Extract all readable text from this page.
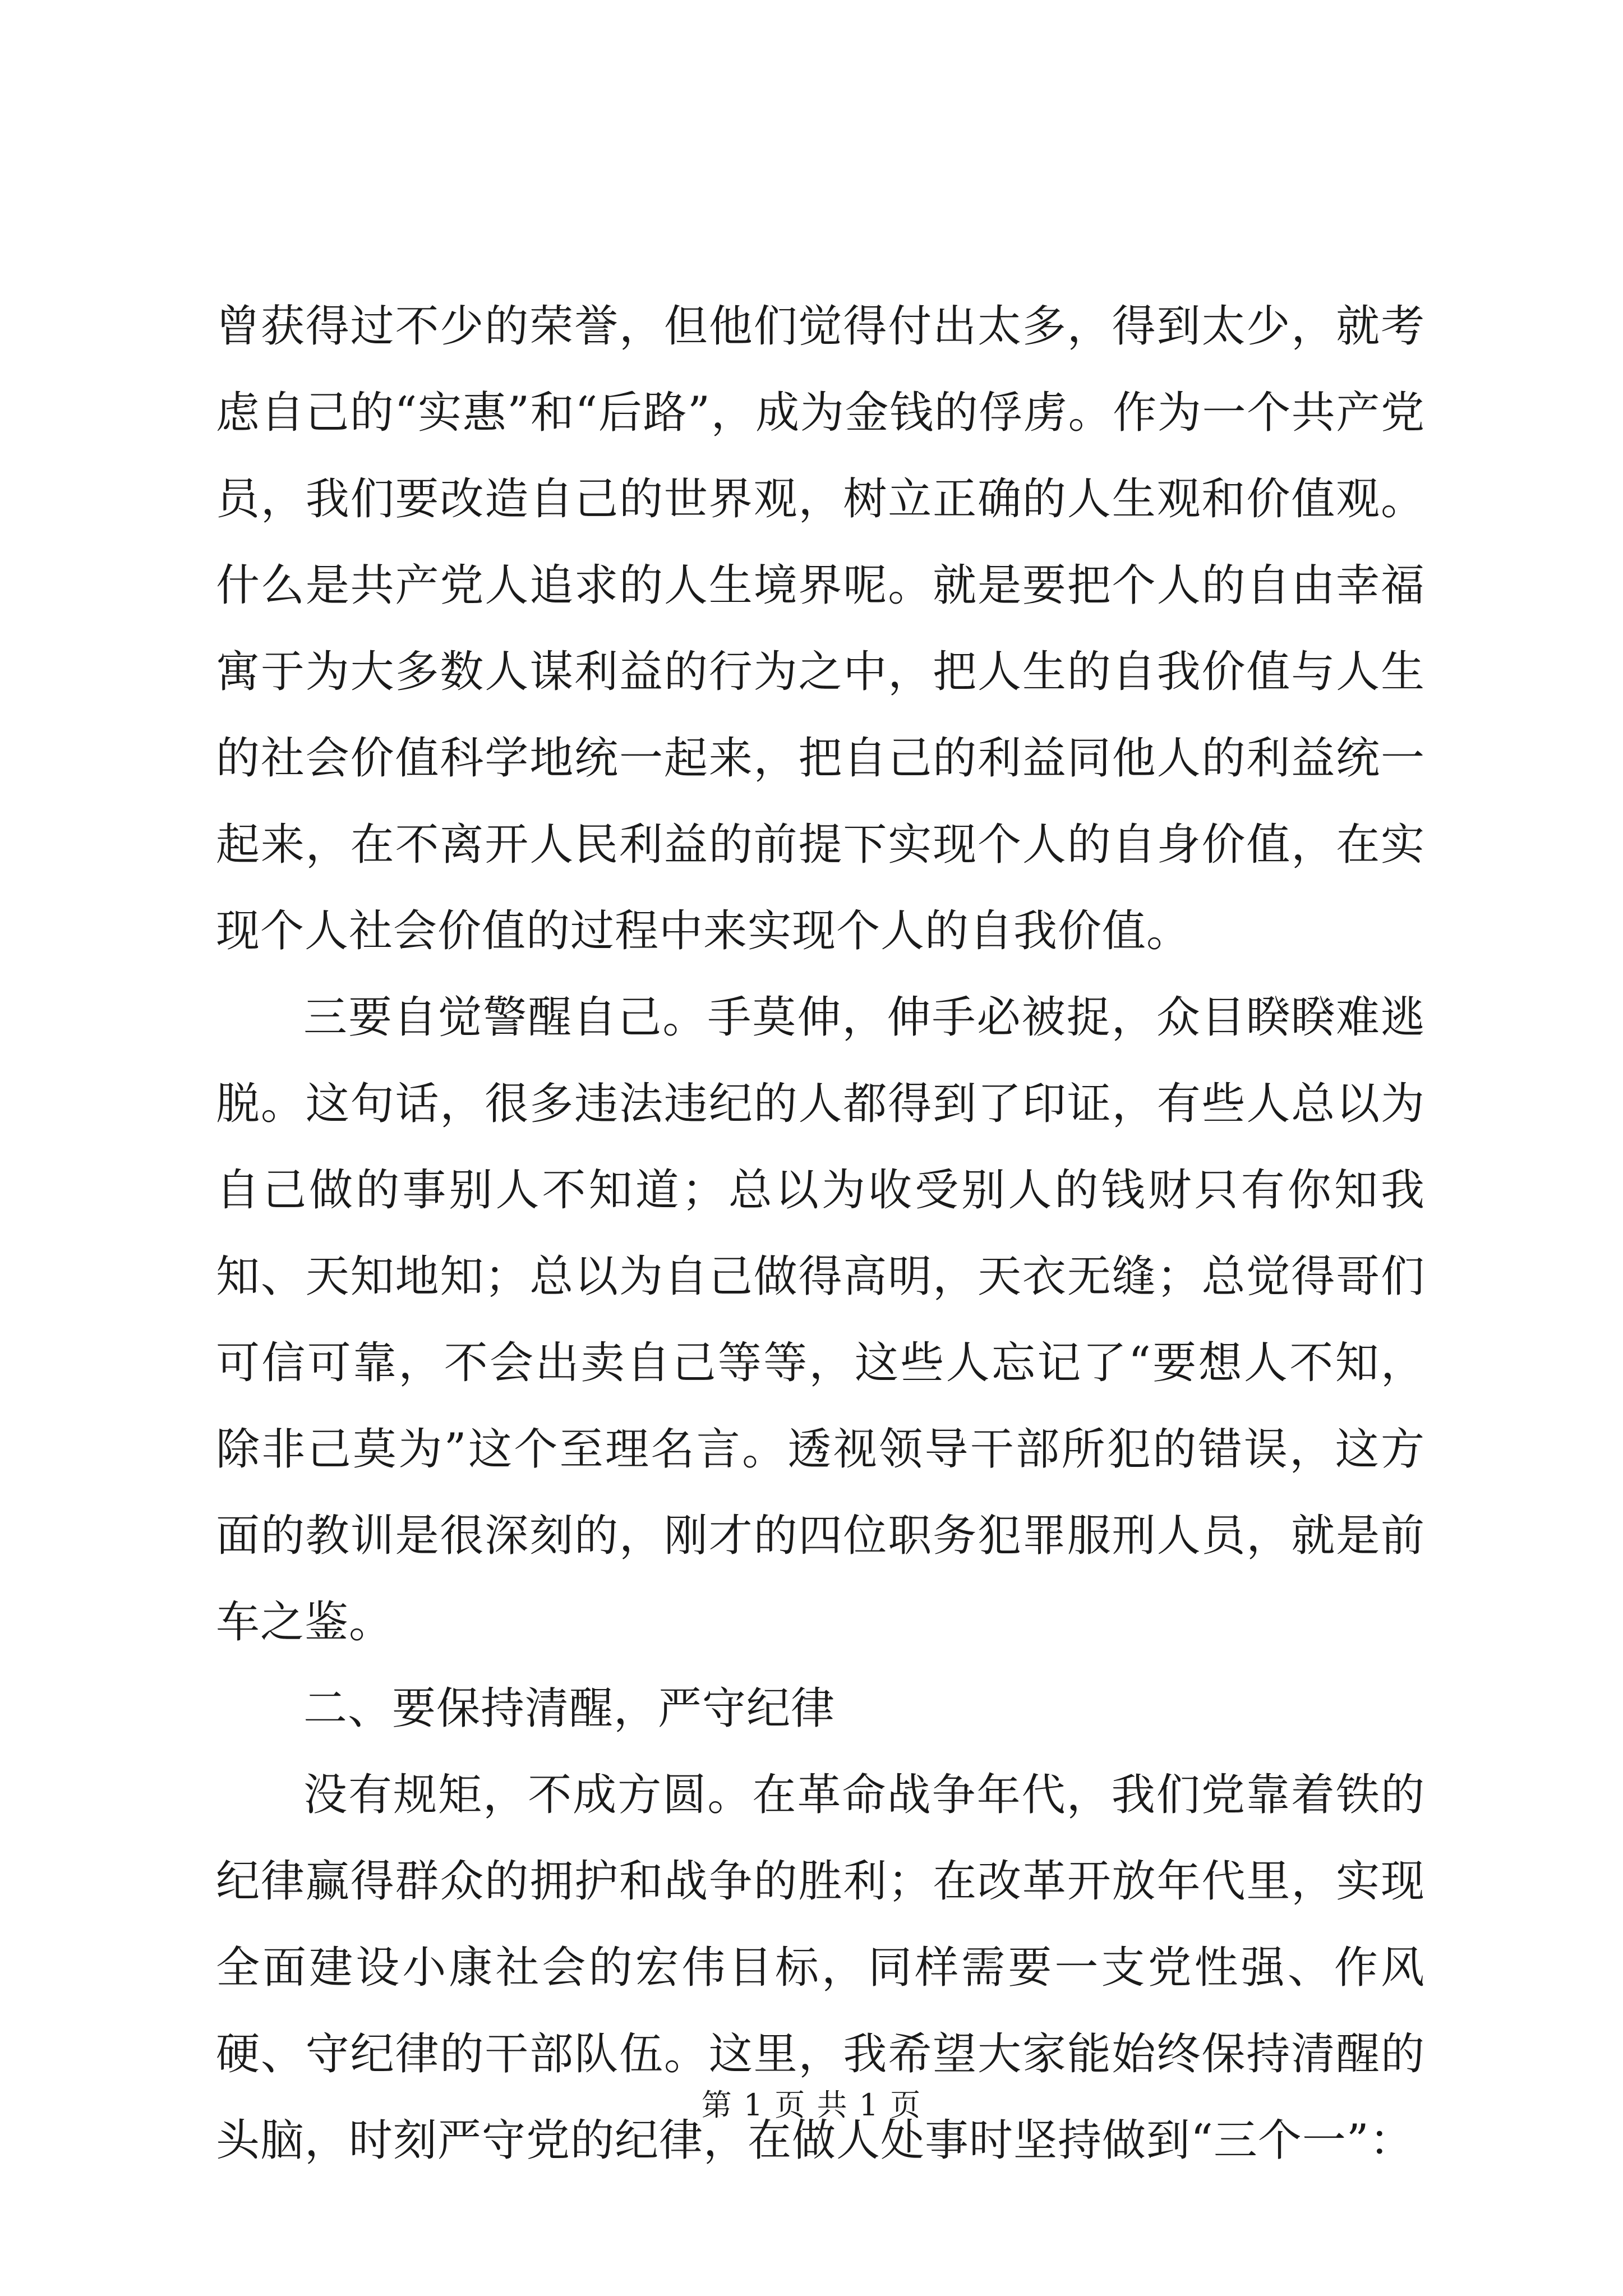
曾获得过不少的荣誉，但他们觉得付出太多，得到太少，就考虑自己的“实惠”和“后路”，成为金钱的俘虏。作为一个共产党员，我们要改造自己的世界观，树立正确的人生观和价值观。什么是共产党人追求的人生境界呢。就是要把个人的自由幸福寓于为大多数人谋利益的行为之中，把人生的自我价值与人生的社会价值科学地统一起来，把自己的利益同他人的利益统一起来，在不离开人民利益的前提下实现个人的自身价值，在实现个人社会价值的过程中来实现个人的自我价值。

三要自觉警醒自己。手莫伸，伸手必被捉，众目睽睽难逃脱。这句话，很多违法违纪的人都得到了印证，有些人总以为自己做的事别人不知道；总以为收受别人的钱财只有你知我知、天知地知；总以为自己做得高明，天衣无缝；总觉得哥们可信可靠，不会出卖自己等等，这些人忘记了“要想人不知，除非己莫为”这个至理名言。透视领导干部所犯的错误，这方面的教训是很深刻的，刚才的四位职务犯罪服刑人员，就是前车之鉴。

二、要保持清醒，严守纪律

没有规矩，不成方圆。在革命战争年代，我们党靠着铁的纪律赢得群众的拥护和战争的胜利；在改革开放年代里，实现全面建设小康社会的宏伟目标，同样需要一支党性强、作风硬、守纪律的干部队伍。这里，我希望大家能始终保持清醒的头脑，时刻严守党的纪律，在做人处事时坚持做到“三个一”：

第 1 页 共 1 页
